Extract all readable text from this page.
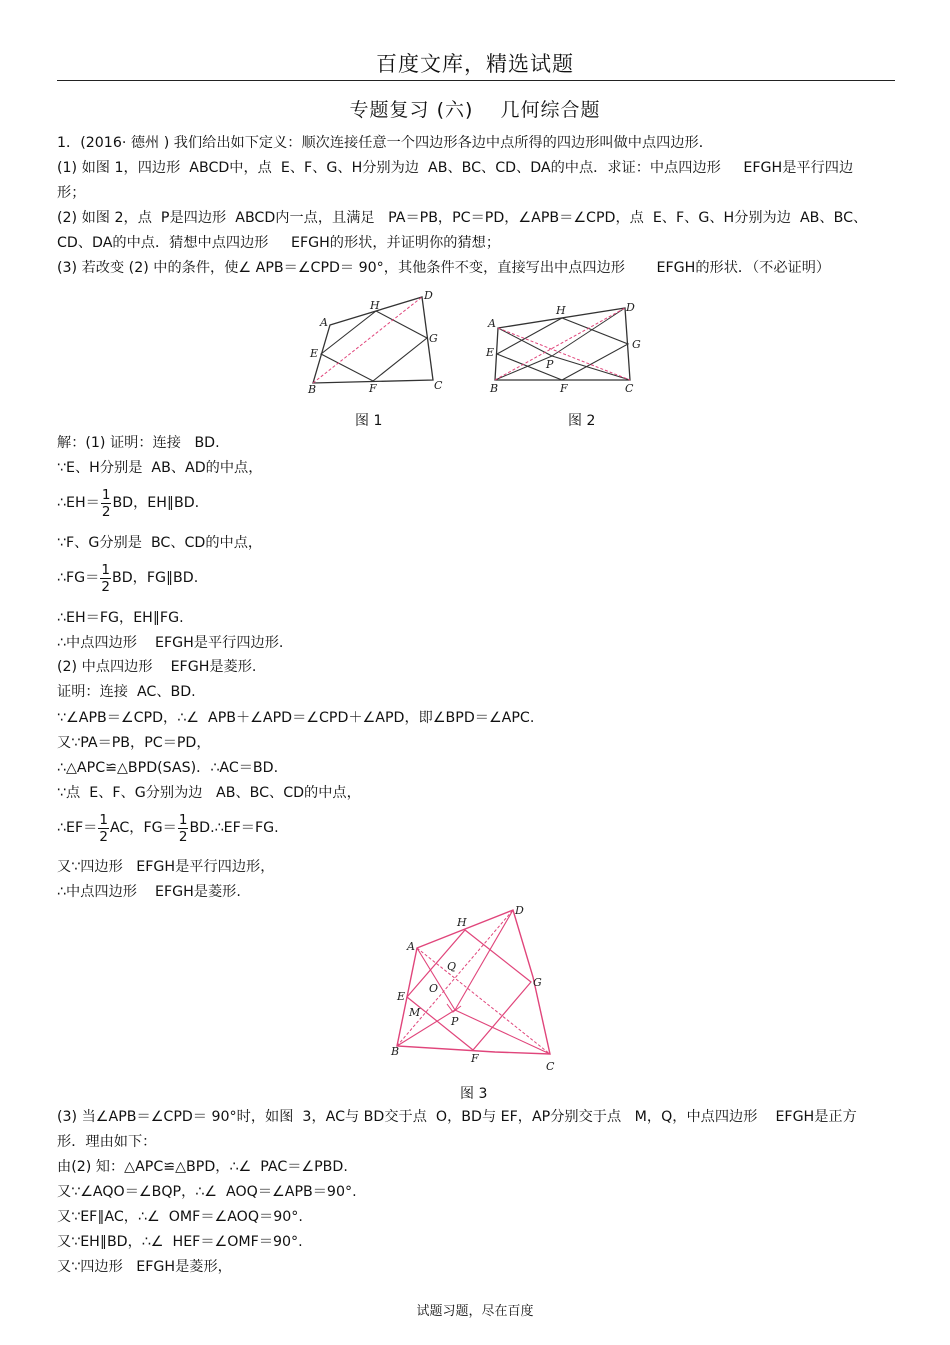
百度文库，精选试题
专题复习 (六)　 几何综合题
1．(2016· 德州 ) 我们给出如下定义：顺次连接任意一个四边形各边中点所得的四边形叫做中点四边形．
(1) 如图 1，四边形  ABCD中，点  E、F、G、H分别为边  AB、BC、CD、DA的中点．求证：中点四边形     EFGH是平行四边
形；
(2) 如图 2，点  P是四边形  ABCD内一点，且满足   PA＝PB，PC＝PD，∠APB＝∠CPD，点  E、F、G、H分别为边  AB、BC、
CD、DA的中点．猜想中点四边形     EFGH的形状，并证明你的猜想；
(3) 若改变 (2) 中的条件，使∠ APB＝∠CPD＝ 90°，其他条件不变，直接写出中点四边形       EFGH的形状．（不必证明）
A
H
D
E
G
B	F	C
图 1
A
H	D
E
G
P
B	F	C
图 2
解：(1) 证明：连接   BD.
∵E、H分别是  AB、AD的中点，
∴EH＝ $\frac{1}{2}$ BD，EH∥BD.
∵F、G分别是  BC、CD的中点，
∴FG＝ $\frac{1}{2}$ BD，FG∥BD.
∴EH＝FG，EH∥FG.
∴中点四边形    EFGH是平行四边形.
(2) 中点四边形    EFGH是菱形.
证明：连接  AC、BD.
∵∠APB＝∠CPD，∴∠  APB＋∠APD＝∠CPD＋∠APD，即∠BPD＝∠APC.
又∵PA＝PB，PC＝PD，
∴△APC≌△BPD(SAS)．∴AC＝BD.
∵点  E、F、G分别为边   AB、BC、CD的中点，
∴EF＝ $\frac{1}{2}$ AC，$FG= \frac{1}{2}$ BD.∴EF＝FG.
又∵四边形   EFGH是平行四边形，
∴中点四边形    EFGH是菱形.
A
H
D
Q
O
E
M
G
P
B
F
C
图 3
(3) 当∠APB＝∠CPD＝ 90°时，如图  3，AC与 BD交于点  O，BD与 EF，AP分别交于点   M，Q，中点四边形    EFGH是正方
形．理由如下：
由(2) 知：△APC≌△BPD，∴∠  PAC＝∠PBD.
又∵∠AQO＝∠BQP，∴∠  AOQ＝∠APB＝90°.
又∵EF∥AC，∴∠  OMF＝∠AOQ＝90°.
又∵EH∥BD，∴∠  HEF＝∠OMF＝90°.
又∵四边形   EFGH是菱形，
试题习题，尽在百度
